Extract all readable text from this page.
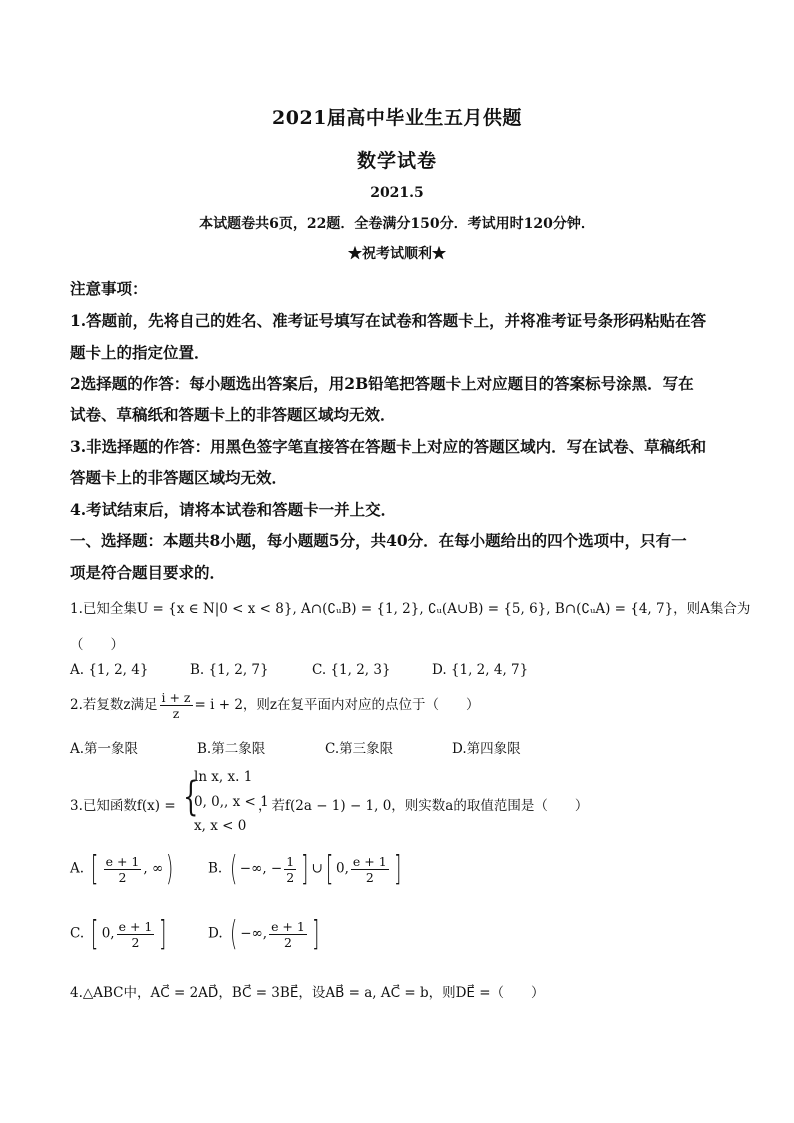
2021届高中毕业生五月供题
数学试卷
2021.5
本试题卷共6页，22题．全卷满分150分．考试用时120分钟．
★祝考试顺利★
注意事项：
1.答题前，先将自己的姓名、准考证号填写在试卷和答题卡上，并将准考证号条形码粘贴在答
题卡上的指定位置．
2选择题的作答：每小题选出答案后，用2B铅笔把答题卡上对应题目的答案标号涂黑．写在
试卷、草稿纸和答题卡上的非答题区域均无效．
3.非选择题的作答：用黑色签字笔直接答在答题卡上对应的答题区域内．写在试卷、草稿纸和
答题卡上的非答题区域均无效．
4.考试结束后，请将本试卷和答题卡一并上交．
一、选择题：本题共8小题，每小题题5分，共40分．在每小题给出的四个选项中，只有一
项是符合题目要求的．
1.已知全集U = {x ∈ N|0 < x < 8}, A∩(∁ᵤB) = {1, 2}, ∁ᵤ(A∪B) = {5, 6}, B∩(∁ᵤA) = {4, 7}，则A集合为
（　　）
A. {1, 2, 4}	B. {1, 2, 7}	C. {1, 2, 3}	D. {1, 2, 4, 7}
2.若复数z满足 $\frac{i + z}{z} = i + 2$，则z在复平面内对应的点位于（　　）
A.第一象限	B.第二象限	C.第三象限	D.第四象限
3.已知函数f(x) = {
ln x, x. 1
0, 0,, x < 1
x, x < 0
，若f(2a − 1) − 1, 0，则实数a的取值范围是（　　）
A. [ $\frac{e + 1}{2}$ , ∞)	B. ( −∞, − $\frac{1}{2}$ ] ∪[ 0, $\frac{e + 1}{2}$ ]
C. [ 0, $\frac{e + 1}{2}$ ]	D. ( −∞, $\frac{e + 1}{2}$ ]
4.△ABC中，AC⃗ = 2AD⃗，BC⃗ = 3BE⃗，设AB⃗ = a, AC⃗ = b，则DE⃗ =（　　）
